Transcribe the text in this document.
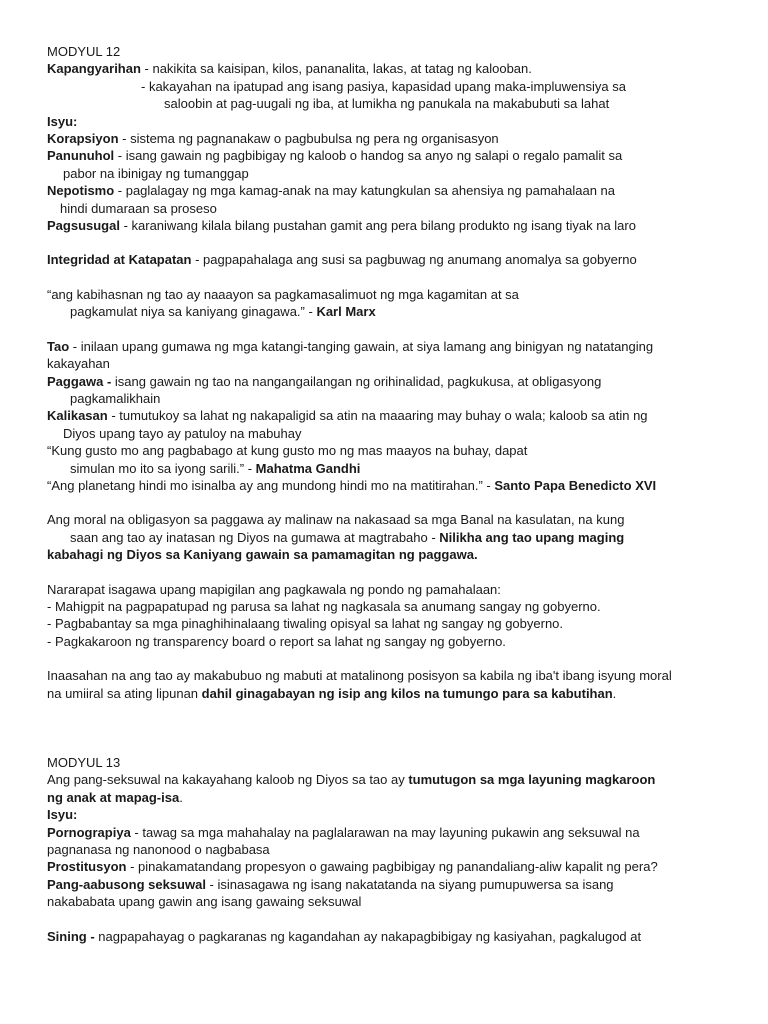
MODYUL 12

Kapangyarihan - nakikita sa kaisipan, kilos, pananalita, lakas, at tatag ng kalooban.

- kakayahan na ipatupad ang isang pasiya, kapasidad upang maka-impluwensiya sa

saloobin at pag-uugali ng iba, at lumikha ng panukala na makabubuti sa lahat

Isyu:

Korapsiyon - sistema ng pagnanakaw o pagbubulsa ng pera ng organisasyon

Panunuhol - isang gawain ng pagbibigay ng kaloob o handog sa anyo ng salapi o regalo pamalit sa

pabor na ibinigay ng tumanggap

Nepotismo - paglalagay ng mga kamag-anak na may katungkulan sa ahensiya ng pamahalaan na

hindi dumaraan sa proseso

Pagsusugal - karaniwang kilala bilang pustahan gamit ang pera bilang produkto ng isang tiyak na laro

Integridad at Katapatan - pagpapahalaga ang susi sa pagbuwag ng anumang anomalya sa gobyerno

“ang kabihasnan ng tao ay naaayon sa pagkamasalimuot ng mga kagamitan at sa

pagkamulat niya sa kaniyang ginagawa.” - Karl Marx

Tao - inilaan upang gumawa ng mga katangi-tanging gawain, at siya lamang ang binigyan ng natatanging

kakayahan

Paggawa - isang gawain ng tao na nangangailangan ng orihinalidad, pagkukusa, at obligasyong

pagkamalikhain

Kalikasan - tumutukoy sa lahat ng nakapaligid sa atin na maaaring may buhay o wala; kaloob sa atin ng

Diyos upang tayo ay patuloy na mabuhay

“Kung gusto mo ang pagbabago at kung gusto mo ng mas maayos na buhay, dapat

simulan mo ito sa iyong sarili.” - Mahatma Gandhi

“Ang planetang hindi mo isinalba ay ang mundong hindi mo na matitirahan.” - Santo Papa Benedicto XVI

Ang moral na obligasyon sa paggawa ay malinaw na nakasaad sa mga Banal na kasulatan, na kung

saan ang tao ay inatasan ng Diyos na gumawa at magtrabaho - Nilikha ang tao upang maging

kabahagi ng Diyos sa Kaniyang gawain sa pamamagitan ng paggawa.

Nararapat isagawa upang mapigilan ang pagkawala ng pondo ng pamahalaan:

- Mahigpit na pagpapatupad ng parusa sa lahat ng nagkasala sa anumang sangay ng gobyerno.

- Pagbabantay sa mga pinaghihinalaang tiwaling opisyal sa lahat ng sangay ng gobyerno.

- Pagkakaroon ng transparency board o report sa lahat ng sangay ng gobyerno.

Inaasahan na ang tao ay makabubuo ng mabuti at matalinong posisyon sa kabila ng iba't ibang isyung moral

na umiiral sa ating lipunan dahil ginagabayan ng isip ang kilos na tumungo para sa kabutihan.

MODYUL 13

Ang pang-seksuwal na kakayahang kaloob ng Diyos sa tao ay tumutugon sa mga layuning magkaroon

ng anak at mapag-isa.

Isyu:

Pornograpiya - tawag sa mga mahahalay na paglalarawan na may layuning pukawin ang seksuwal na

pagnanasa ng nanonood o nagbabasa

Prostitusyon - pinakamatandang propesyon o gawaing pagbibigay ng panandaliang-aliw kapalit ng pera?

Pang-aabusong seksuwal - isinasagawa ng isang nakatatanda na siyang pumupuwersa sa isang

nakababata upang gawin ang isang gawaing seksuwal

Sining - nagpapahayag o pagkaranas ng kagandahan ay nakapagbibigay ng kasiyahan, pagkalugod at
